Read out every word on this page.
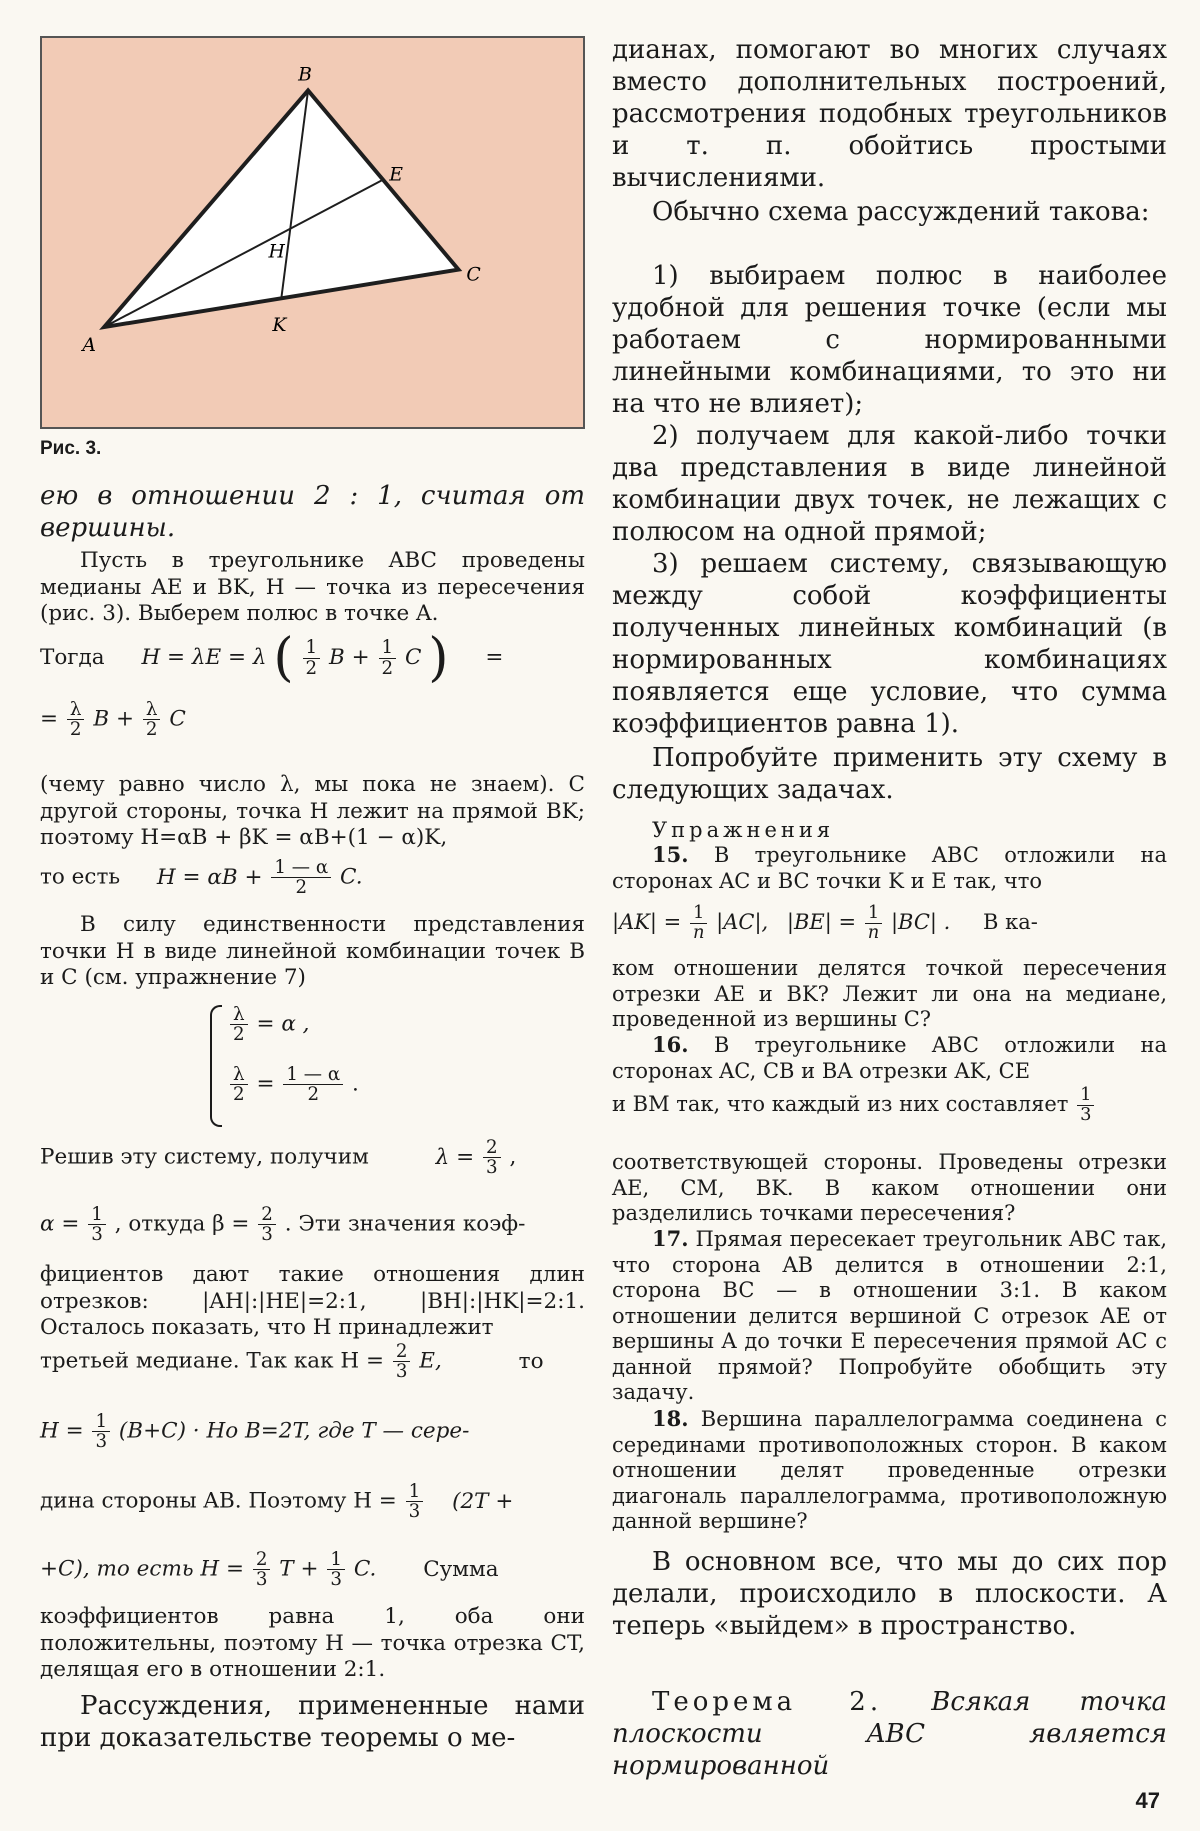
A
B
C
E
H
K
Рис. 3.

ею в отношении 2 : 1, считая от вершины.

Пусть в треугольнике ABC проведены медианы AE и BK, H — точка из пересечения (рис. 3). Выберем полюс в точке A.

Тогда H = λE = λ ( $\frac{1}{2}$ $B + \frac{1}{2}$ C ) =
= $\frac{\lambda}{2}$ $B + \frac{\lambda}{2}$ C

(чему равно число λ, мы пока не знаем). С другой стороны, точка H лежит на прямой BK; поэтому H=αB + βK = αB+(1 − α)K,

то есть $H = \alpha B + \frac{1 — \alpha}{2} C$.

В силу единственности представления точки H в виде линейной комбинации точек B и C (см. упражнение 7)

$\frac{\lambda}{2} = \alpha$ ,
$\frac{\lambda}{2} = \frac{1 — \alpha}{2}$ .
Решив эту систему, получим	$\lambda = \frac{2}{3}$ ,
$\alpha = \frac{1}{3}$ , откуда $\beta = \frac{2}{3}$ . Эти значения коэф-

фициентов дают такие отношения длин отрезков: |AH|:|HE|=2:1, |BH|:|HK|=2:1. Осталось показать, что H принадлежит

третьей медиане. Так как $H = \frac{2}{3} E$,	то
$H = \frac{1}{3} (B+C)$ · Но B=2T, где T — сере-
дина стороны AB. Поэтому $H = \frac{1}{3} (2T$ +
+C), то есть $H = \frac{2}{3}$ $T + \frac{1}{3} C$. Сумма

коэффициентов равна 1, оба они положительны, поэтому H — точка отрезка CT, делящая его в отношении 2:1.

Рассуждения, примененные нами при доказательстве теоремы о ме-

дианах, помогают во многих случаях вместо дополнительных построений, рассмотрения подобных треугольников и т. п. обойтись простыми вычислениями.

Обычно схема рассуждений такова:

1) выбираем полюс в наиболее удобной для решения точке (если мы работаем с нормированными линейными комбинациями, то это ни на что не влияет);

2) получаем для какой-либо точки два представления в виде линейной комбинации двух точек, не лежащих с полюсом на одной прямой;

3) решаем систему, связывающую между собой коэффициенты полученных линейных комбинаций (в нормированных комбинациях появляется еще условие, что сумма коэффициентов равна 1).

Попробуйте применить эту схему в следующих задачах.

Упражнения

15. В треугольнике ABC отложили на сторонах AC и BC точки K и E так, что

$|AK| = \frac{1}{n} |AC|$, $|BE| = \frac{1}{n} |BC|$ . В ка-

ком отношении делятся точкой пересечения отрезки AE и BK? Лежит ли она на медиане, проведенной из вершины C?

16. В треугольнике ABC отложили на сторонах AC, CB и BA отрезки AK, CE

и BM так, что каждый из них составляет $\frac{1}{3}$

соответствующей стороны. Проведены отрезки AE, CM, BK. В каком отношении они разделились точками пересечения?

17. Прямая пересекает треугольник ABC так, что сторона AB делится в отношении 2:1, сторона BC — в отношении 3:1. В каком отношении делится вершиной C отрезок AE от вершины A до точки E пересечения прямой AC с данной прямой? Попробуйте обобщить эту задачу.

18. Вершина параллелограмма соединена с серединами противоположных сторон. В каком отношении делят проведенные отрезки диагональ параллелограмма, противоположную данной вершине?

В основном все, что мы до сих пор делали, происходило в плоскости. А теперь «выйдем» в пространство.

Теорема 2. Всякая точка плоскости ABC является нормированной

47
